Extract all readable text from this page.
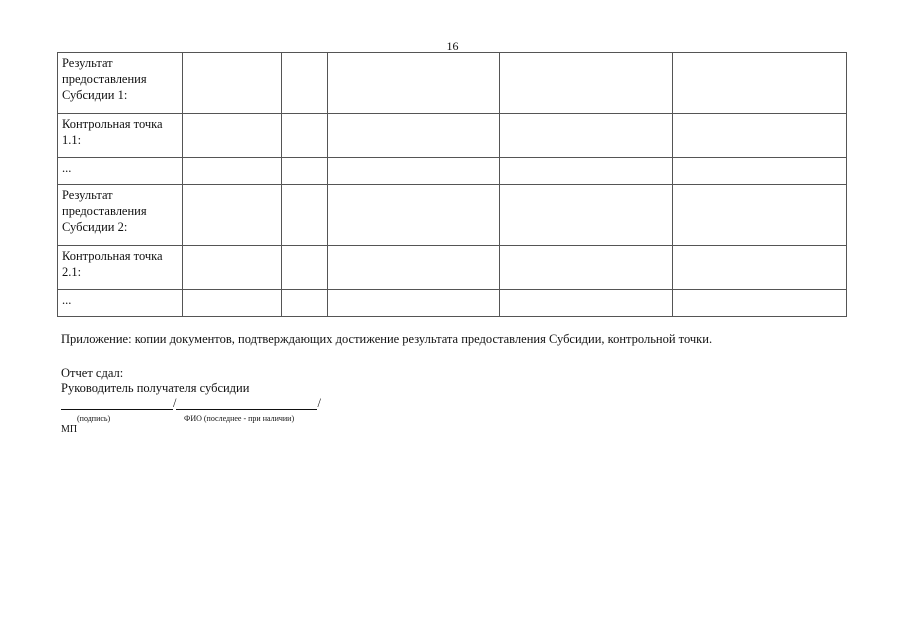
16
Результат предоставления Субсидии 1:					
Контрольная точка 1.1:					
...					
Результат предоставления Субсидии 2:					
Контрольная точка 2.1:					
...					
Приложение: копии документов, подтверждающих достижение результата предоставления Субсидии, контрольной точки.
Отчет сдал:
Руководитель получателя субсидии
/	/
(подпись)	ФИО (последнее - при наличии)
МП
